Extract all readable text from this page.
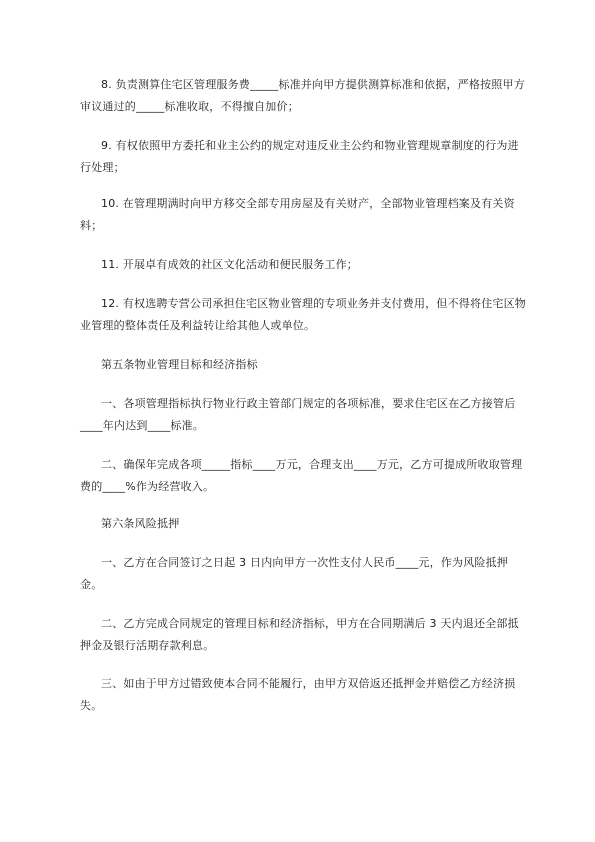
8. 负责测算住宅区管理服务费_____标准并向甲方提供测算标准和依据，严格按照甲方审议通过的_____标准收取，不得擅自加价；

9. 有权依照甲方委托和业主公约的规定对违反业主公约和物业管理规章制度的行为进行处理；

10. 在管理期满时向甲方移交全部专用房屋及有关财产，全部物业管理档案及有关资料；

11. 开展卓有成效的社区文化活动和便民服务工作；

12. 有权选聘专营公司承担住宅区物业管理的专项业务并支付费用，但不得将住宅区物业管理的整体责任及利益转让给其他人或单位。

第五条物业管理目标和经济指标

一、各项管理指标执行物业行政主管部门规定的各项标准，要求住宅区在乙方接管后____年内达到____标准。

二、确保年完成各项_____指标____万元，合理支出____万元，乙方可提成所收取管理费的____%作为经营收入。

第六条风险抵押

一、乙方在合同签订之日起 3 日内向甲方一次性支付人民币____元，作为风险抵押金。

二、乙方完成合同规定的管理目标和经济指标，甲方在合同期满后 3 天内退还全部抵押金及银行活期存款利息。

三、如由于甲方过错致使本合同不能履行，由甲方双倍返还抵押金并赔偿乙方经济损失。
